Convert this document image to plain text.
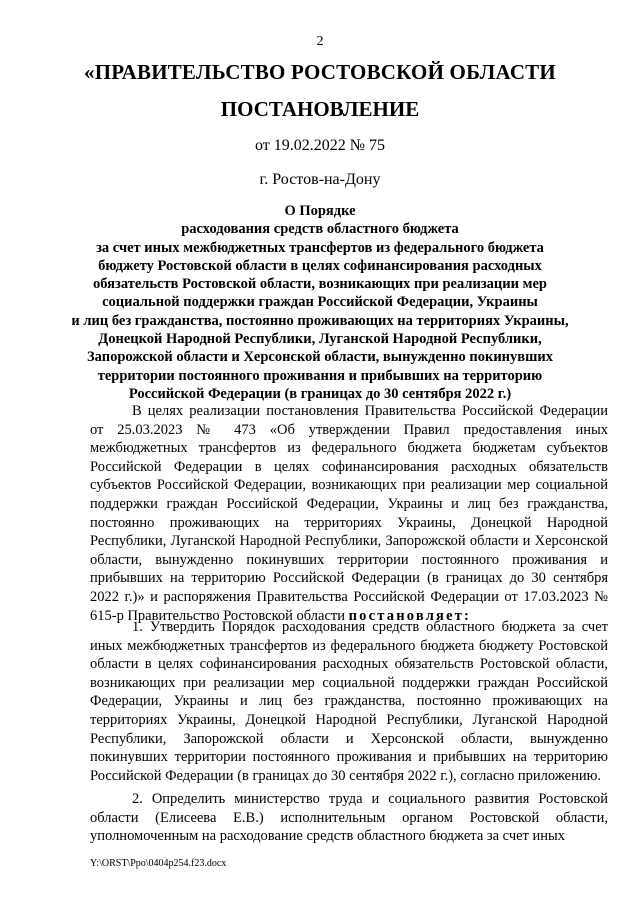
2
«ПРАВИТЕЛЬСТВО РОСТОВСКОЙ ОБЛАСТИ
ПОСТАНОВЛЕНИЕ
от 19.02.2022 № 75
г. Ростов-на-Дону
О Порядке
расходования средств областного бюджета
за счет иных межбюджетных трансфертов из федерального бюджета
бюджету Ростовской области в целях софинансирования расходных
обязательств Ростовской области, возникающих при реализации мер
социальной поддержки граждан Российской Федерации, Украины
и лиц без гражданства, постоянно проживающих на территориях Украины,
Донецкой Народной Республики, Луганской Народной Республики,
Запорожской области и Херсонской области, вынужденно покинувших
территории постоянного проживания и прибывших на территорию
Российской Федерации (в границах до 30 сентября 2022 г.)
В целях реализации постановления Правительства Российской Федерации от 25.03.2023 № 473 «Об утверждении Правил предоставления иных межбюджетных трансфертов из федерального бюджета бюджетам субъектов Российской Федерации в целях софинансирования расходных обязательств субъектов Российской Федерации, возникающих при реализации мер социальной поддержки граждан Российской Федерации, Украины и лиц без гражданства, постоянно проживающих на территориях Украины, Донецкой Народной Республики, Луганской Народной Республики, Запорожской области и Херсонской области, вынужденно покинувших территории постоянного проживания и прибывших на территорию Российской Федерации (в границах до 30 сентября 2022 г.)» и распоряжения Правительства Российской Федерации от 17.03.2023 № 615-р Правительство Ростовской области постановляет:
1. Утвердить Порядок расходования средств областного бюджета за счет иных межбюджетных трансфертов из федерального бюджета бюджету Ростовской области в целях софинансирования расходных обязательств Ростовской области, возникающих при реализации мер социальной поддержки граждан Российской Федерации, Украины и лиц без гражданства, постоянно проживающих на территориях Украины, Донецкой Народной Республики, Луганской Народной Республики, Запорожской области и Херсонской области, вынужденно покинувших территории постоянного проживания и прибывших на территорию Российской Федерации (в границах до 30 сентября 2022 г.), согласно приложению.
2. Определить министерство труда и социального развития Ростовской области (Елисеева Е.В.) исполнительным органом Ростовской области, уполномоченным на расходование средств областного бюджета за счет иных
Y:\ORST\Ppo\0404p254.f23.docx
